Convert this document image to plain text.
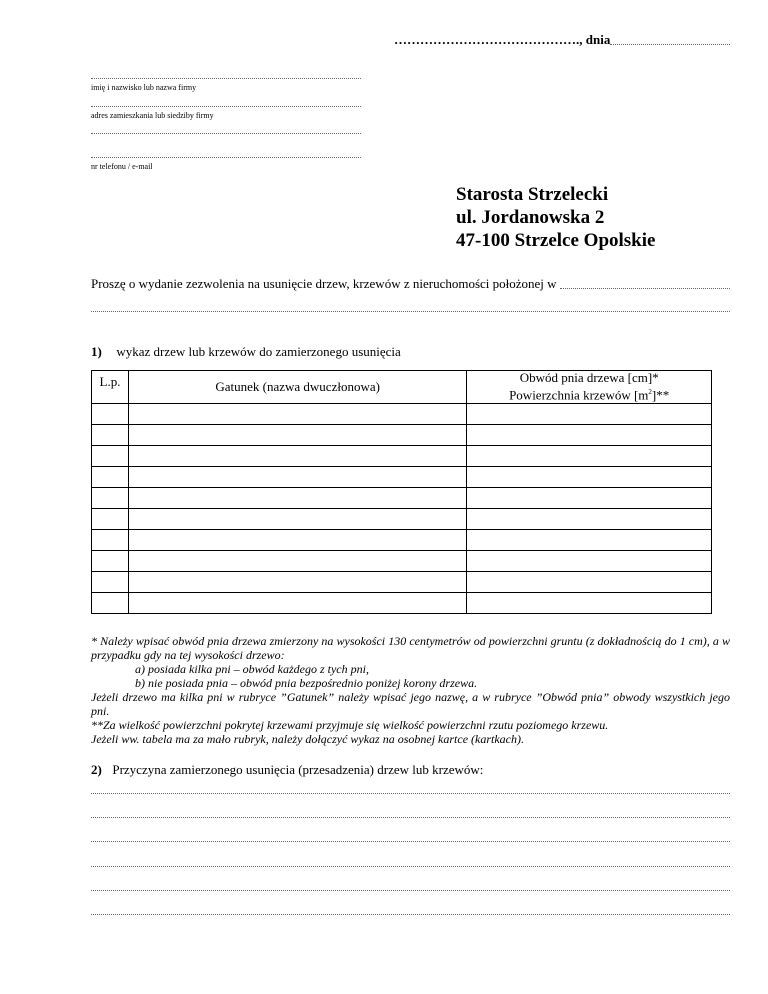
……………………………………., dnia
imię i nazwisko lub nazwa firmy
adres zamieszkania lub siedziby firmy
nr telefonu / e-mail
Starosta Strzelecki
ul. Jordanowska 2
47-100 Strzelce Opolskie
Proszę o wydanie zezwolenia na usunięcie drzew, krzewów z nieruchomości położonej w
1) wykaz drzew lub krzewów do zamierzonego usunięcia
L.p.	Gatunek (nazwa dwuczłonowa)	Obwód pnia drzewa [cm]*
Powierzchnia krzewów $[m^2]**$

* Należy wpisać obwód pnia drzewa zmierzony na wysokości 130 centymetrów od powierzchni gruntu (z dokładnością do 1 cm), a w przypadku gdy na tej wysokości drzewo:
a) posiada kilka pni – obwód każdego z tych pni,
b) nie posiada pnia – obwód pnia bezpośrednio poniżej korony drzewa.
Jeżeli drzewo ma kilka pni w rubryce ”Gatunek” należy wpisać jego nazwę, a w rubryce ”Obwód pnia” obwody wszystkich jego pni.
**Za wielkość powierzchni pokrytej krzewami przyjmuje się wielkość powierzchni rzutu poziomego krzewu.
Jeżeli ww. tabela ma za mało rubryk, należy dołączyć wykaz na osobnej kartce (kartkach).
2) Przyczyna zamierzonego usunięcia (przesadzenia) drzew lub krzewów:
